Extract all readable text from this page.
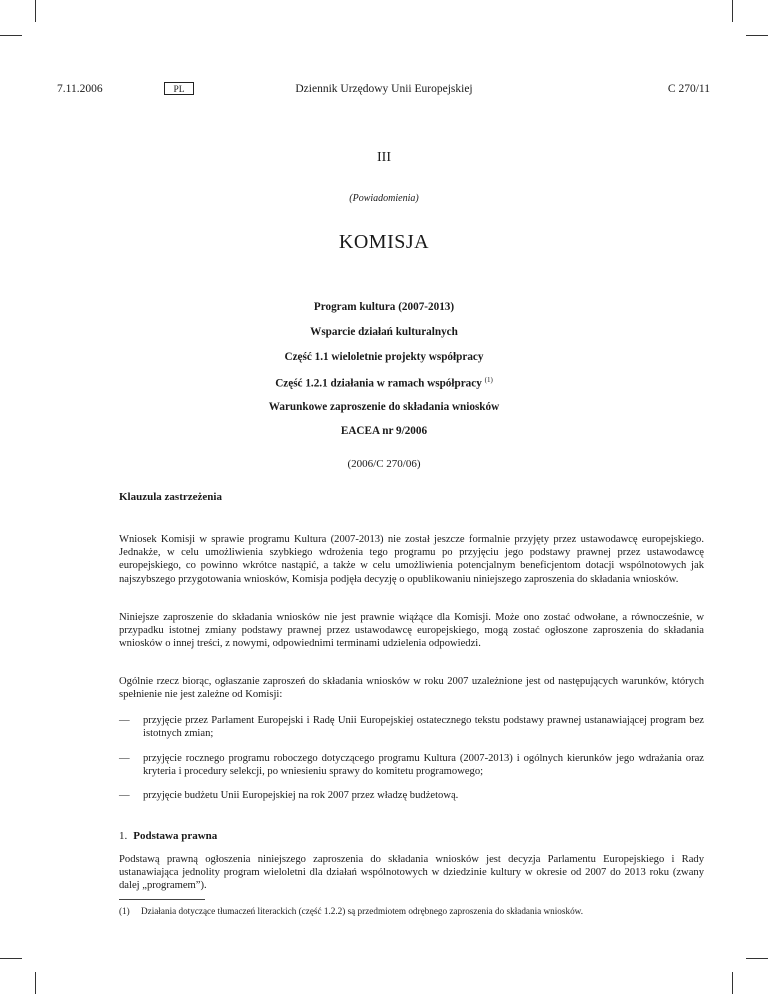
7.11.2006	PL	Dziennik Urzędowy Unii Europejskiej	C 270/11
III
(Powiadomienia)
KOMISJA
Program kultura (2007-2013)
Wsparcie działań kulturalnych
Część 1.1 wieloletnie projekty współpracy
Część 1.2.1 działania w ramach współpracy $^{(1)}$
Warunkowe zaproszenie do składania wniosków
EACEA nr 9/2006
(2006/C 270/06)
Klauzula zastrzeżenia

Wniosek Komisji w sprawie programu Kultura (2007-2013) nie został jeszcze formalnie przyjęty przez ustawodawcę europejskiego. Jednakże, w celu umożliwienia szybkiego wdrożenia tego programu po przyjęciu jego podstawy prawnej przez ustawodawcę europejskiego, co powinno wkrótce nastąpić, a także w celu umożliwienia potencjalnym beneficjentom dotacji wspólnotowych jak najszybszego przygotowania wniosków, Komisja podjęła decyzję o opublikowaniu niniejszego zaproszenia do składania wniosków.

Niniejsze zaproszenie do składania wniosków nie jest prawnie wiążące dla Komisji. Może ono zostać odwołane, a równocześnie, w przypadku istotnej zmiany podstawy prawnej przez ustawodawcę europejskiego, mogą zostać ogłoszone zaproszenia do składania wniosków o innej treści, z nowymi, odpowiednimi terminami udzielenia odpowiedzi.

Ogólnie rzecz biorąc, ogłaszanie zaproszeń do składania wniosków w roku 2007 uzależnione jest od następujących warunków, których spełnienie nie jest zależne od Komisji:

— przyjęcie przez Parlament Europejski i Radę Unii Europejskiej ostatecznego tekstu podstawy prawnej ustanawiającej program bez istotnych zmian;
— przyjęcie rocznego programu roboczego dotyczącego programu Kultura (2007-2013) i ogólnych kierunków jego wdrażania oraz kryteria i procedury selekcji, po wniesieniu sprawy do komitetu programowego;
— przyjęcie budżetu Unii Europejskiej na rok 2007 przez władzę budżetową.
1. Podstawa prawna

Podstawą prawną ogłoszenia niniejszego zaproszenia do składania wniosków jest decyzja Parlamentu Europejskiego i Rady ustanawiająca jednolity program wieloletni dla działań wspólnotowych w dziedzinie kultury w okresie od 2007 do 2013 roku (zwany dalej „programem”).

(1) Działania dotyczące tłumaczeń literackich (część 1.2.2) są przedmiotem odrębnego zaproszenia do składania wniosków.
